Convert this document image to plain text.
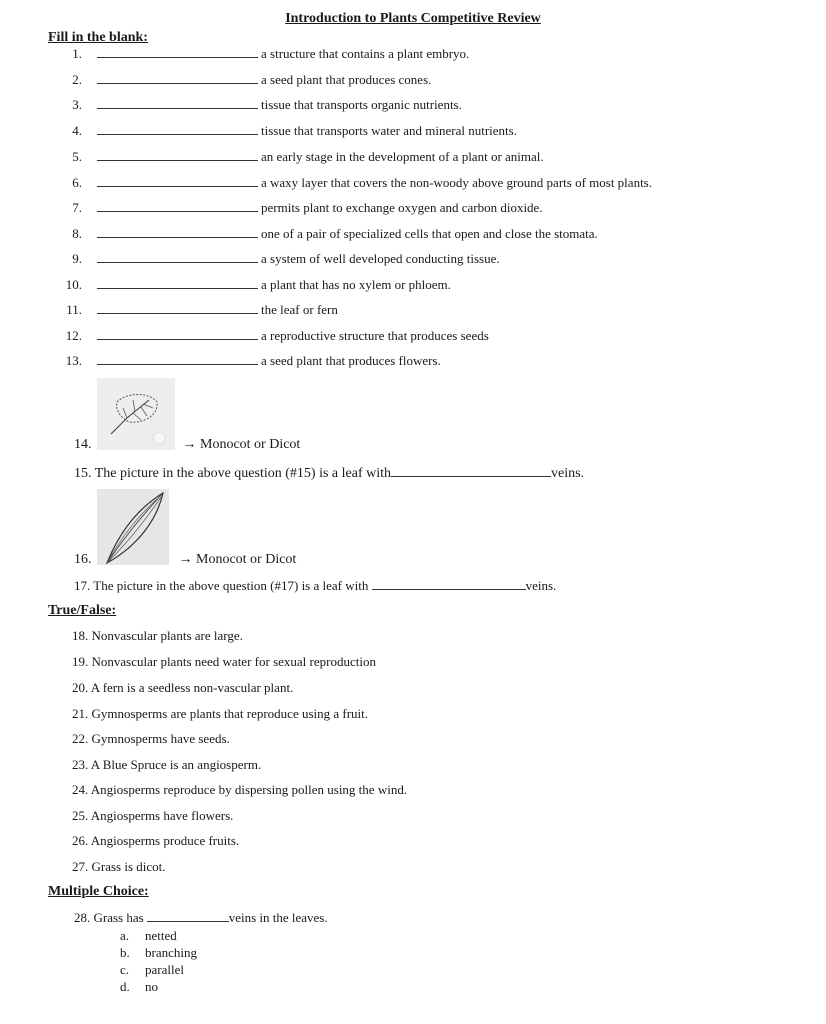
Introduction to Plants Competitive Review
Fill in the blank:
1.	a structure that contains a plant embryo.
2.	a seed plant that produces cones.
3.	tissue that transports organic nutrients.
4.	tissue that transports water and mineral nutrients.
5.	an early stage in the development of a plant or animal.
6.	a waxy layer that covers the non-woody above ground parts of most plants.
7.	permits plant to exchange oxygen and carbon dioxide.
8.	one of a pair of specialized cells that open and close the stomata.
9.	a system of well developed conducting tissue.
10.	a plant that has no xylem or phloem.
11.	the leaf or fern
12.	a reproductive structure that produces seeds
13.	a seed plant that produces flowers.
14.	→ Monocot or Dicot
15. The picture in the above question (#15) is a leaf with	veins.
16.	→ Monocot or Dicot
17. The picture in the above question (#17) is a leaf with	veins.
True/False:
18. Nonvascular plants are large.
19. Nonvascular plants need water for sexual reproduction
20. A fern is a seedless non-vascular plant.
21. Gymnosperms are plants that reproduce using a fruit.
22. Gymnosperms have seeds.
23. A Blue Spruce is an angiosperm.
24. Angiosperms reproduce by dispersing pollen using the wind.
25. Angiosperms have flowers.
26. Angiosperms produce fruits.
27. Grass is dicot.
Multiple Choice:
28. Grass has	veins in the leaves.
a. netted
b. branching
c. parallel
d. no
